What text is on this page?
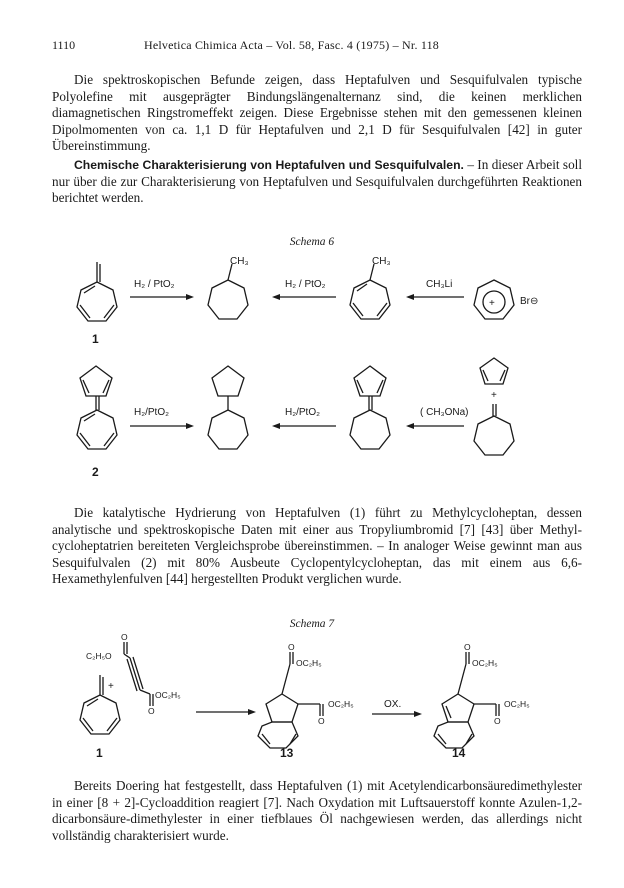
1110	Helvetica Chimica Acta – Vol. 58, Fasc. 4 (1975) – Nr. 118

Die spektroskopischen Befunde zeigen, dass Heptafulven und Sesquifulvalen typische Polyolefine mit ausgeprägter Bindungslängenalternanz sind, die keinen merklichen diamagnetischen Ringstromeffekt zeigen. Diese Ergebnisse stehen mit den gemessenen kleinen Dipolmomenten von ca. 1,1 D für Heptafulven und 2,1 D für Sesquifulvalen [42] in guter Übereinstimmung.

Chemische Charakterisierung von Heptafulven und Sesquifulvalen. – In dieser Arbeit soll nur über die zur Charakterisierung von Heptafulven und Sesquifulvalen durchgeführten Reaktionen berichtet werden.

Schema 6
1
H₂ / PtO₂
CH₃
H₂ / PtO₂
CH₃
CH₃Li
+	Br⊖
2
H₂/PtO₂	H₂/PtO₂	( CH₃ONa)
+

Die katalytische Hydrierung von Heptafulven (1) führt zu Methylcycloheptan, dessen analytische und spektroskopische Daten mit einer aus Tropyliumbromid [7] [43] über Methyl-cycloheptatrien bereiteten Vergleichsprobe übereinstimmen. – In analoger Weise gewinnt man aus Sesquifulvalen (2) mit 80% Ausbeute Cyclopentylcycloheptan, das mit einem aus 6,6-Hexamethylenfulven [44] hergestellten Produkt verglichen wurde.

Schema 7
+
O
C₂H₅O
OC₂H₅
O
1
O
OC₂H₅
OC₂H₅
O
13
OX.
O
OC₂H₅
OC₂H₅
O
14

Bereits Doering hat festgestellt, dass Heptafulven (1) mit Acetylendicarbonsäuredimethylester in einer [8 + 2]-Cycloaddition reagiert [7]. Nach Oxydation mit Luftsauerstoff konnte Azulen-1,2-dicarbonsäure-dimethylester in einer tiefblaues Öl nachgewiesen werden, das allerdings nicht vollständig charakterisiert wurde.
